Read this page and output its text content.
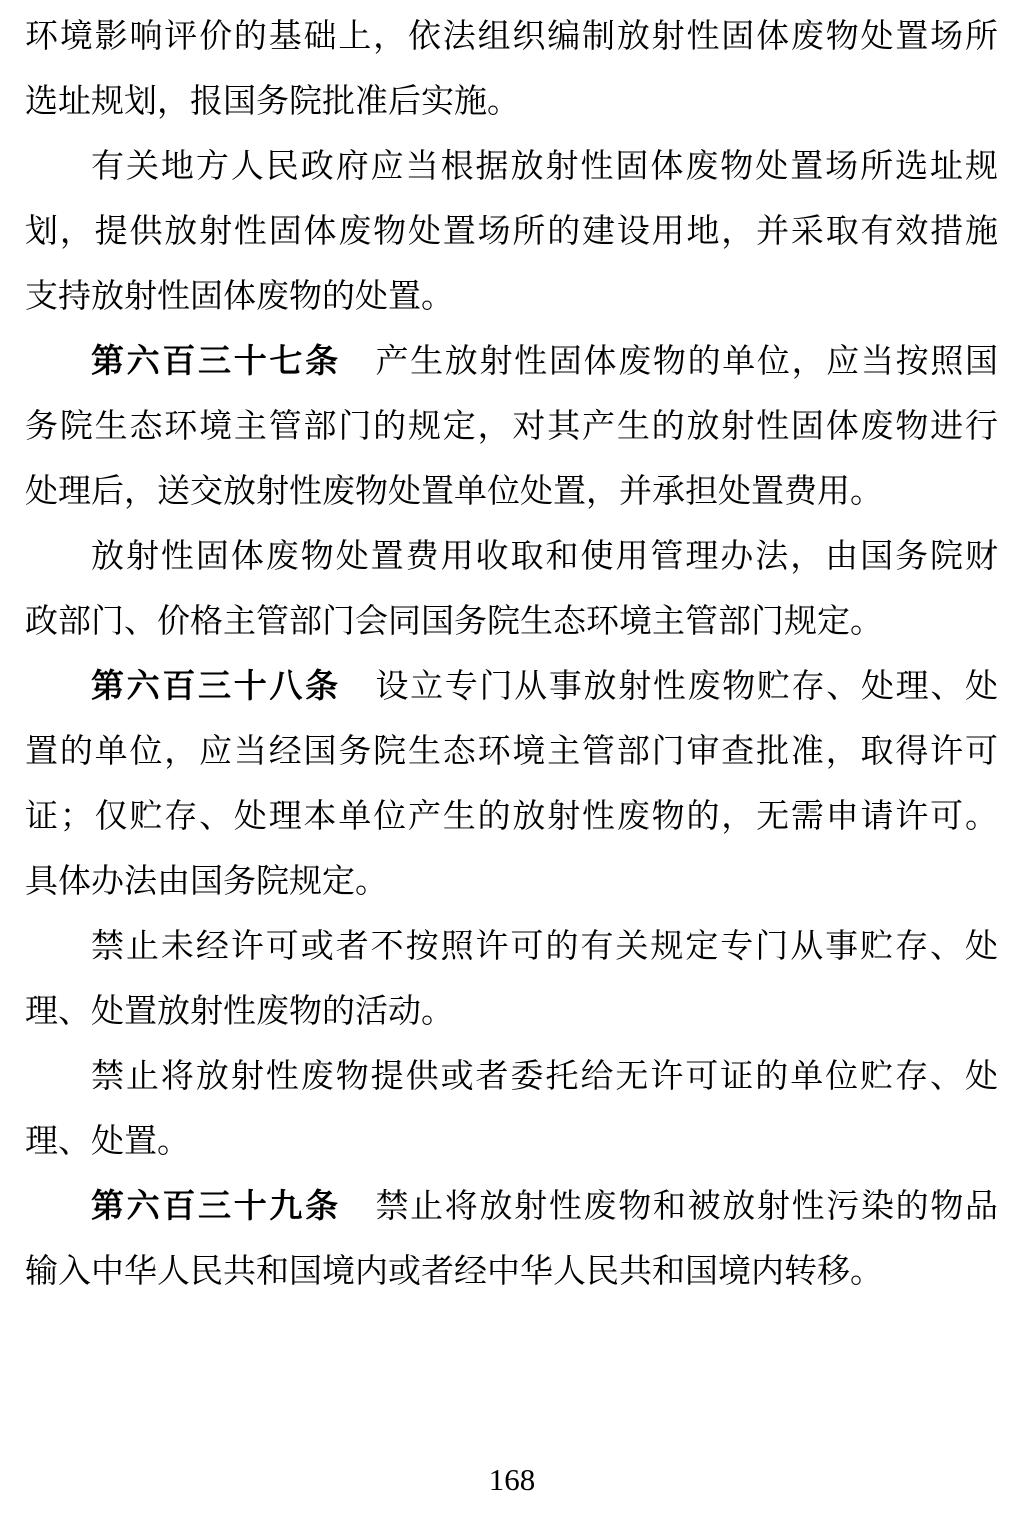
环境影响评价的基础上，依法组织编制放射性固体废物处置场所
选址规划，报国务院批准后实施。
有关地方人民政府应当根据放射性固体废物处置场所选址规
划，提供放射性固体废物处置场所的建设用地，并采取有效措施
支持放射性固体废物的处置。
第六百三十七条　产生放射性固体废物的单位，应当按照国
务院生态环境主管部门的规定，对其产生的放射性固体废物进行
处理后，送交放射性废物处置单位处置，并承担处置费用。
放射性固体废物处置费用收取和使用管理办法，由国务院财
政部门、价格主管部门会同国务院生态环境主管部门规定。
第六百三十八条　设立专门从事放射性废物贮存、处理、处
置的单位，应当经国务院生态环境主管部门审查批准，取得许可
证；仅贮存、处理本单位产生的放射性废物的，无需申请许可。
具体办法由国务院规定。
禁止未经许可或者不按照许可的有关规定专门从事贮存、处
理、处置放射性废物的活动。
禁止将放射性废物提供或者委托给无许可证的单位贮存、处
理、处置。
第六百三十九条　禁止将放射性废物和被放射性污染的物品
输入中华人民共和国境内或者经中华人民共和国境内转移。
168
